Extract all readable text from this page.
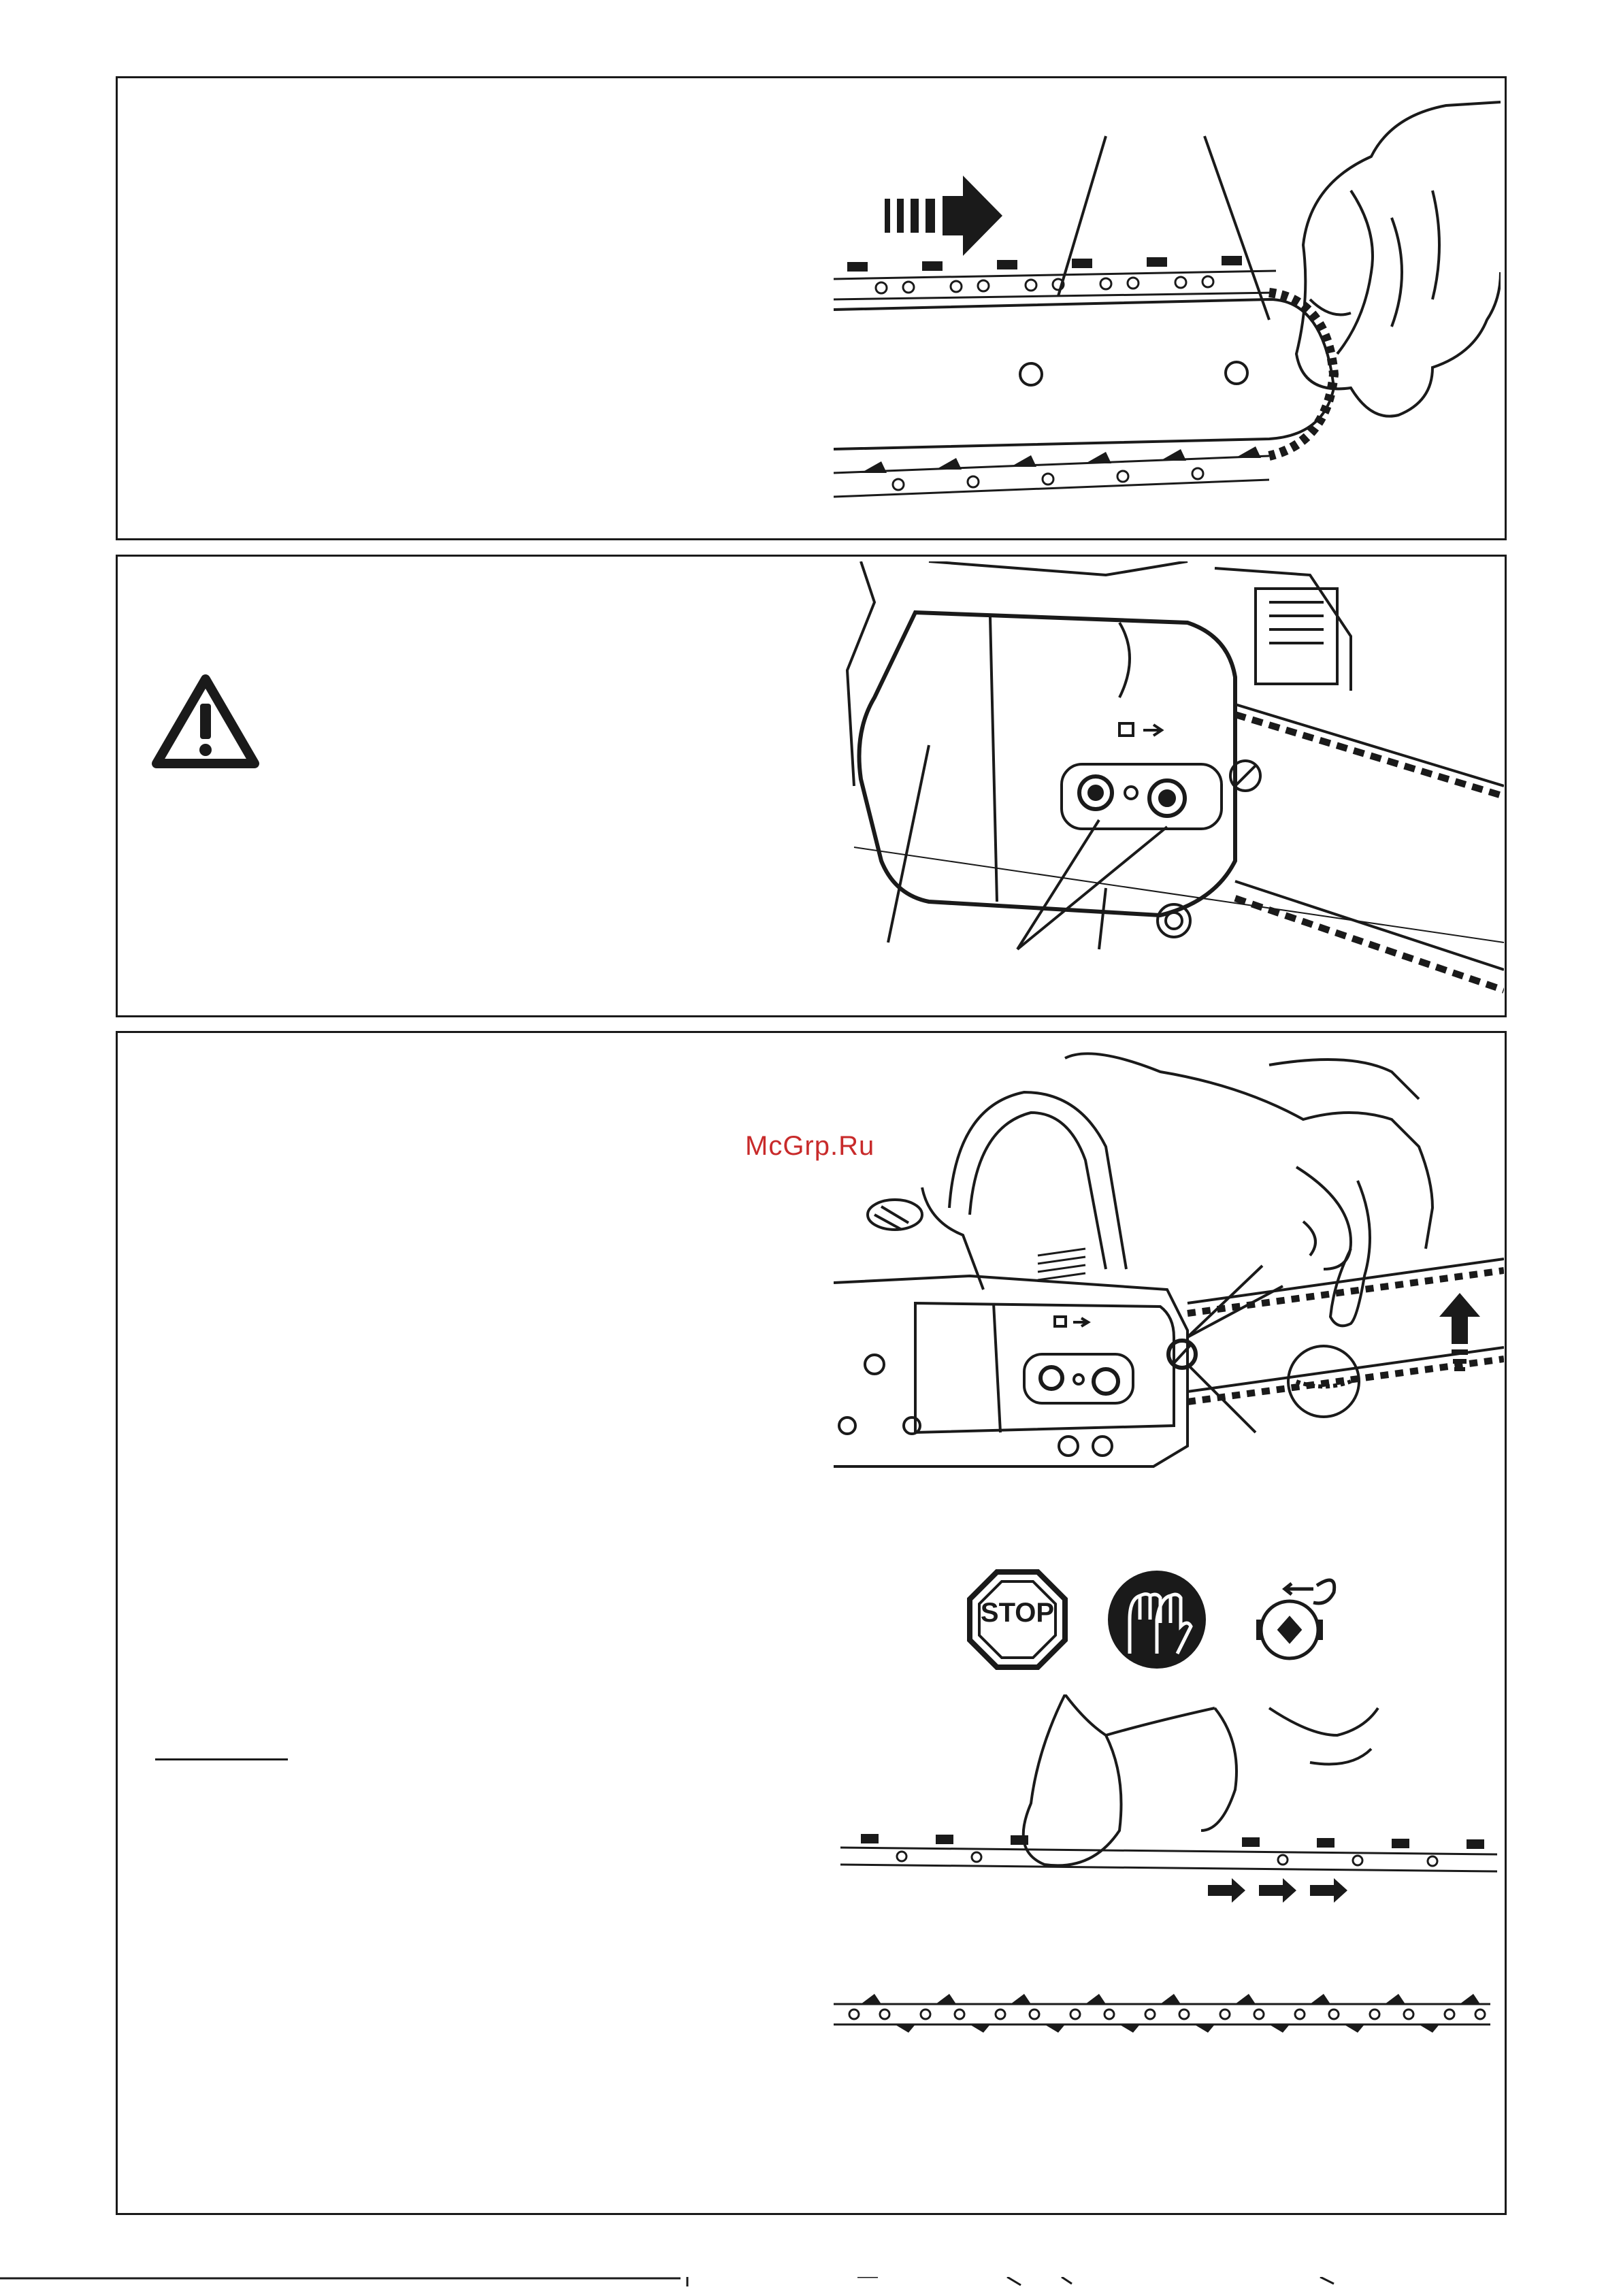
McGrp.Ru
STOP
